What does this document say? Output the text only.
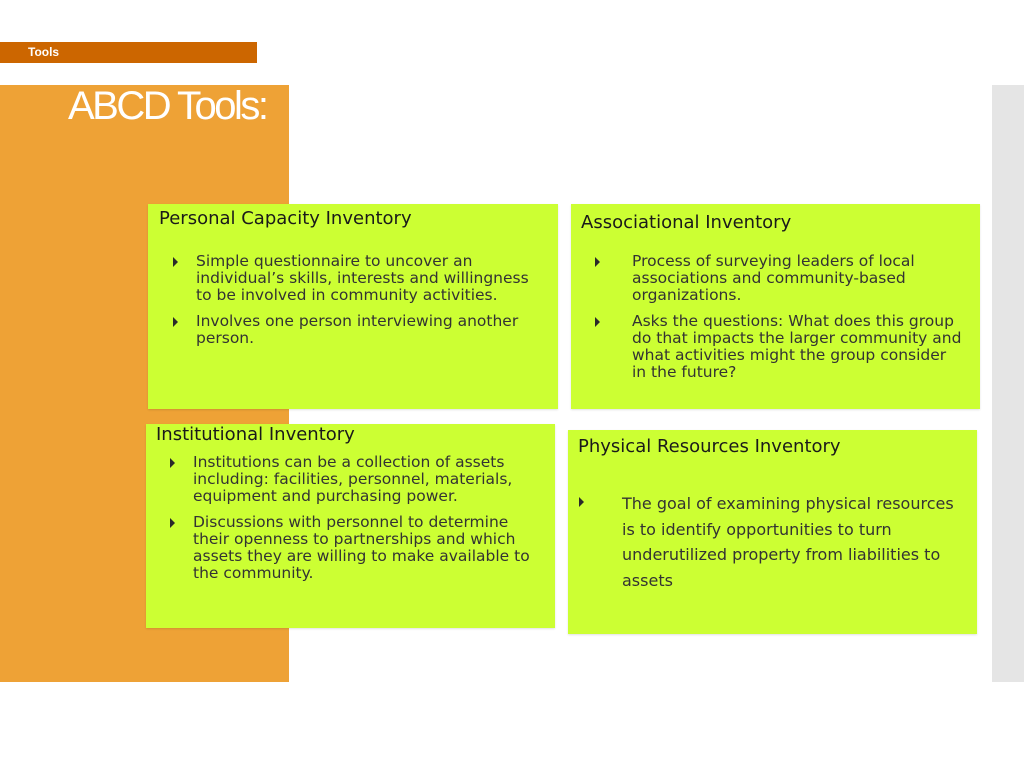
Tools
ABCD Tools:
Personal Capacity Inventory
Simple questionnaire to uncover an individual’s skills, interests and willingness to be involved in community activities.
Involves one person interviewing another person.
Associational Inventory
Process of surveying leaders of local associations and community-based organizations.
Asks the questions: What does this group do that impacts the larger community and what activities might the group consider in the future?
Institutional Inventory
Institutions can be a collection of assets including: facilities, personnel, materials, equipment and purchasing power.
Discussions with personnel to determine their openness to partnerships and which assets they are willing to make available to the community.
Physical Resources Inventory
The goal of examining physical resources is to identify opportunities to turn underutilized property from liabilities to assets
